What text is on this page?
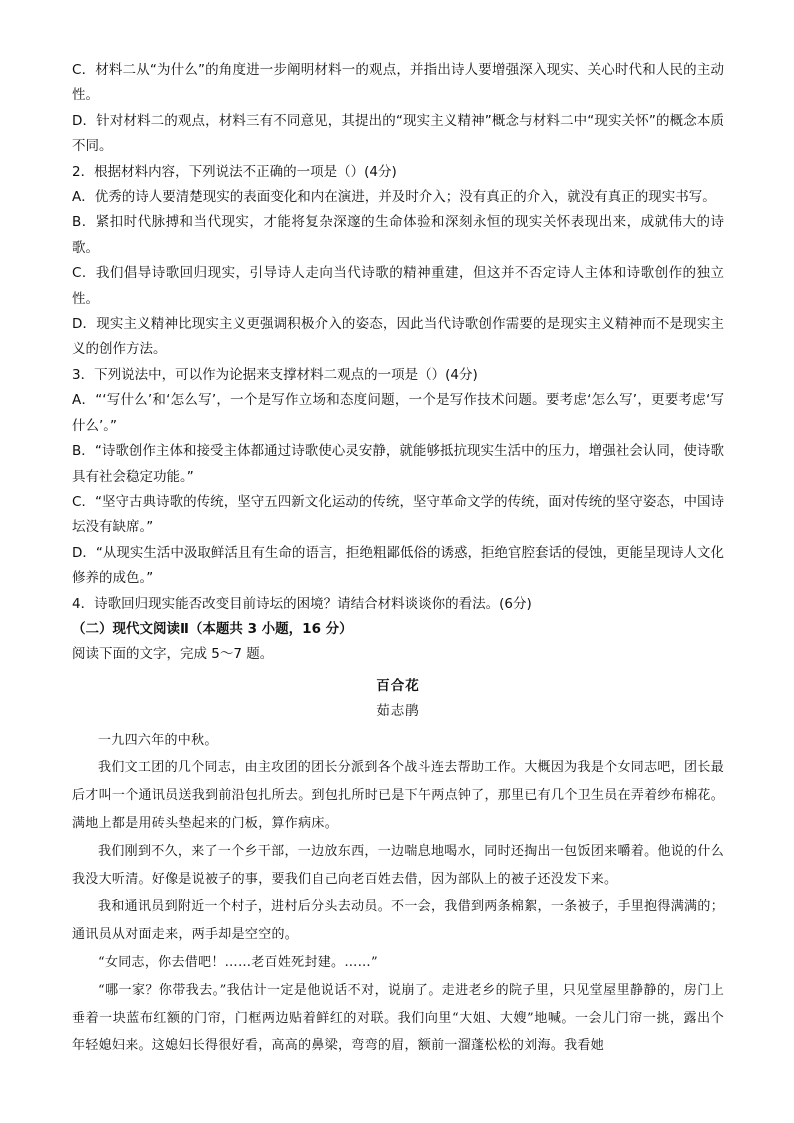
C．材料二从“为什么”的角度进一步阐明材料一的观点，并指出诗人要增强深入现实、关心时代和人民的主动性。

D．针对材料二的观点，材料三有不同意见，其提出的“现实主义精神”概念与材料二中“现实关怀”的概念本质不同。

2．根据材料内容，下列说法不正确的一项是（）(4分)

A．优秀的诗人要清楚现实的表面变化和内在演进，并及时介入；没有真正的介入，就没有真正的现实书写。

B．紧扣时代脉搏和当代现实，才能将复杂深邃的生命体验和深刻永恒的现实关怀表现出来，成就伟大的诗歌。

C．我们倡导诗歌回归现实，引导诗人走向当代诗歌的精神重建，但这并不否定诗人主体和诗歌创作的独立性。

D．现实主义精神比现实主义更强调积极介入的姿态，因此当代诗歌创作需要的是现实主义精神而不是现实主义的创作方法。

3．下列说法中，可以作为论据来支撑材料二观点的一项是（）(4分)

A．“‘写什么’和‘怎么写’，一个是写作立场和态度问题，一个是写作技术问题。要考虑‘怎么写’，更要考虑‘写什么’。”

B．“诗歌创作主体和接受主体都通过诗歌使心灵安静，就能够抵抗现实生活中的压力，增强社会认同，使诗歌具有社会稳定功能。”

C．“坚守古典诗歌的传统，坚守五四新文化运动的传统，坚守革命文学的传统，面对传统的坚守姿态，中国诗坛没有缺席。”

D．“从现实生活中汲取鲜活且有生命的语言，拒绝粗鄙低俗的诱惑，拒绝官腔套话的侵蚀，更能呈现诗人文化修养的成色。”

4．诗歌回归现实能否改变目前诗坛的困境？请结合材料谈谈你的看法。(6分)

（二）现代文阅读Ⅱ（本题共 3 小题，16 分）

阅读下面的文字，完成 5～7 题。

百合花

茹志鹃

一九四六年的中秋。

我们文工团的几个同志，由主攻团的团长分派到各个战斗连去帮助工作。大概因为我是个女同志吧，团长最后才叫一个通讯员送我到前沿包扎所去。到包扎所时已是下午两点钟了，那里已有几个卫生员在弄着纱布棉花。满地上都是用砖头垫起来的门板，算作病床。

我们刚到不久，来了一个乡干部，一边放东西，一边喘息地喝水，同时还掏出一包饭团来嚼着。他说的什么我没大听清。好像是说被子的事，要我们自己向老百姓去借，因为部队上的被子还没发下来。

我和通讯员到附近一个村子，进村后分头去动员。不一会，我借到两条棉絮，一条被子，手里抱得满满的；通讯员从对面走来，两手却是空空的。

“女同志，你去借吧！……老百姓死封建。……”

“哪一家？你带我去。”我估计一定是他说话不对，说崩了。走进老乡的院子里，只见堂屋里静静的，房门上垂着一块蓝布红额的门帘，门框两边贴着鲜红的对联。我们向里“大姐、大嫂”地喊。一会儿门帘一挑，露出个年轻媳妇来。这媳妇长得很好看，高高的鼻梁，弯弯的眉，额前一溜蓬松松的刘海。我看她
